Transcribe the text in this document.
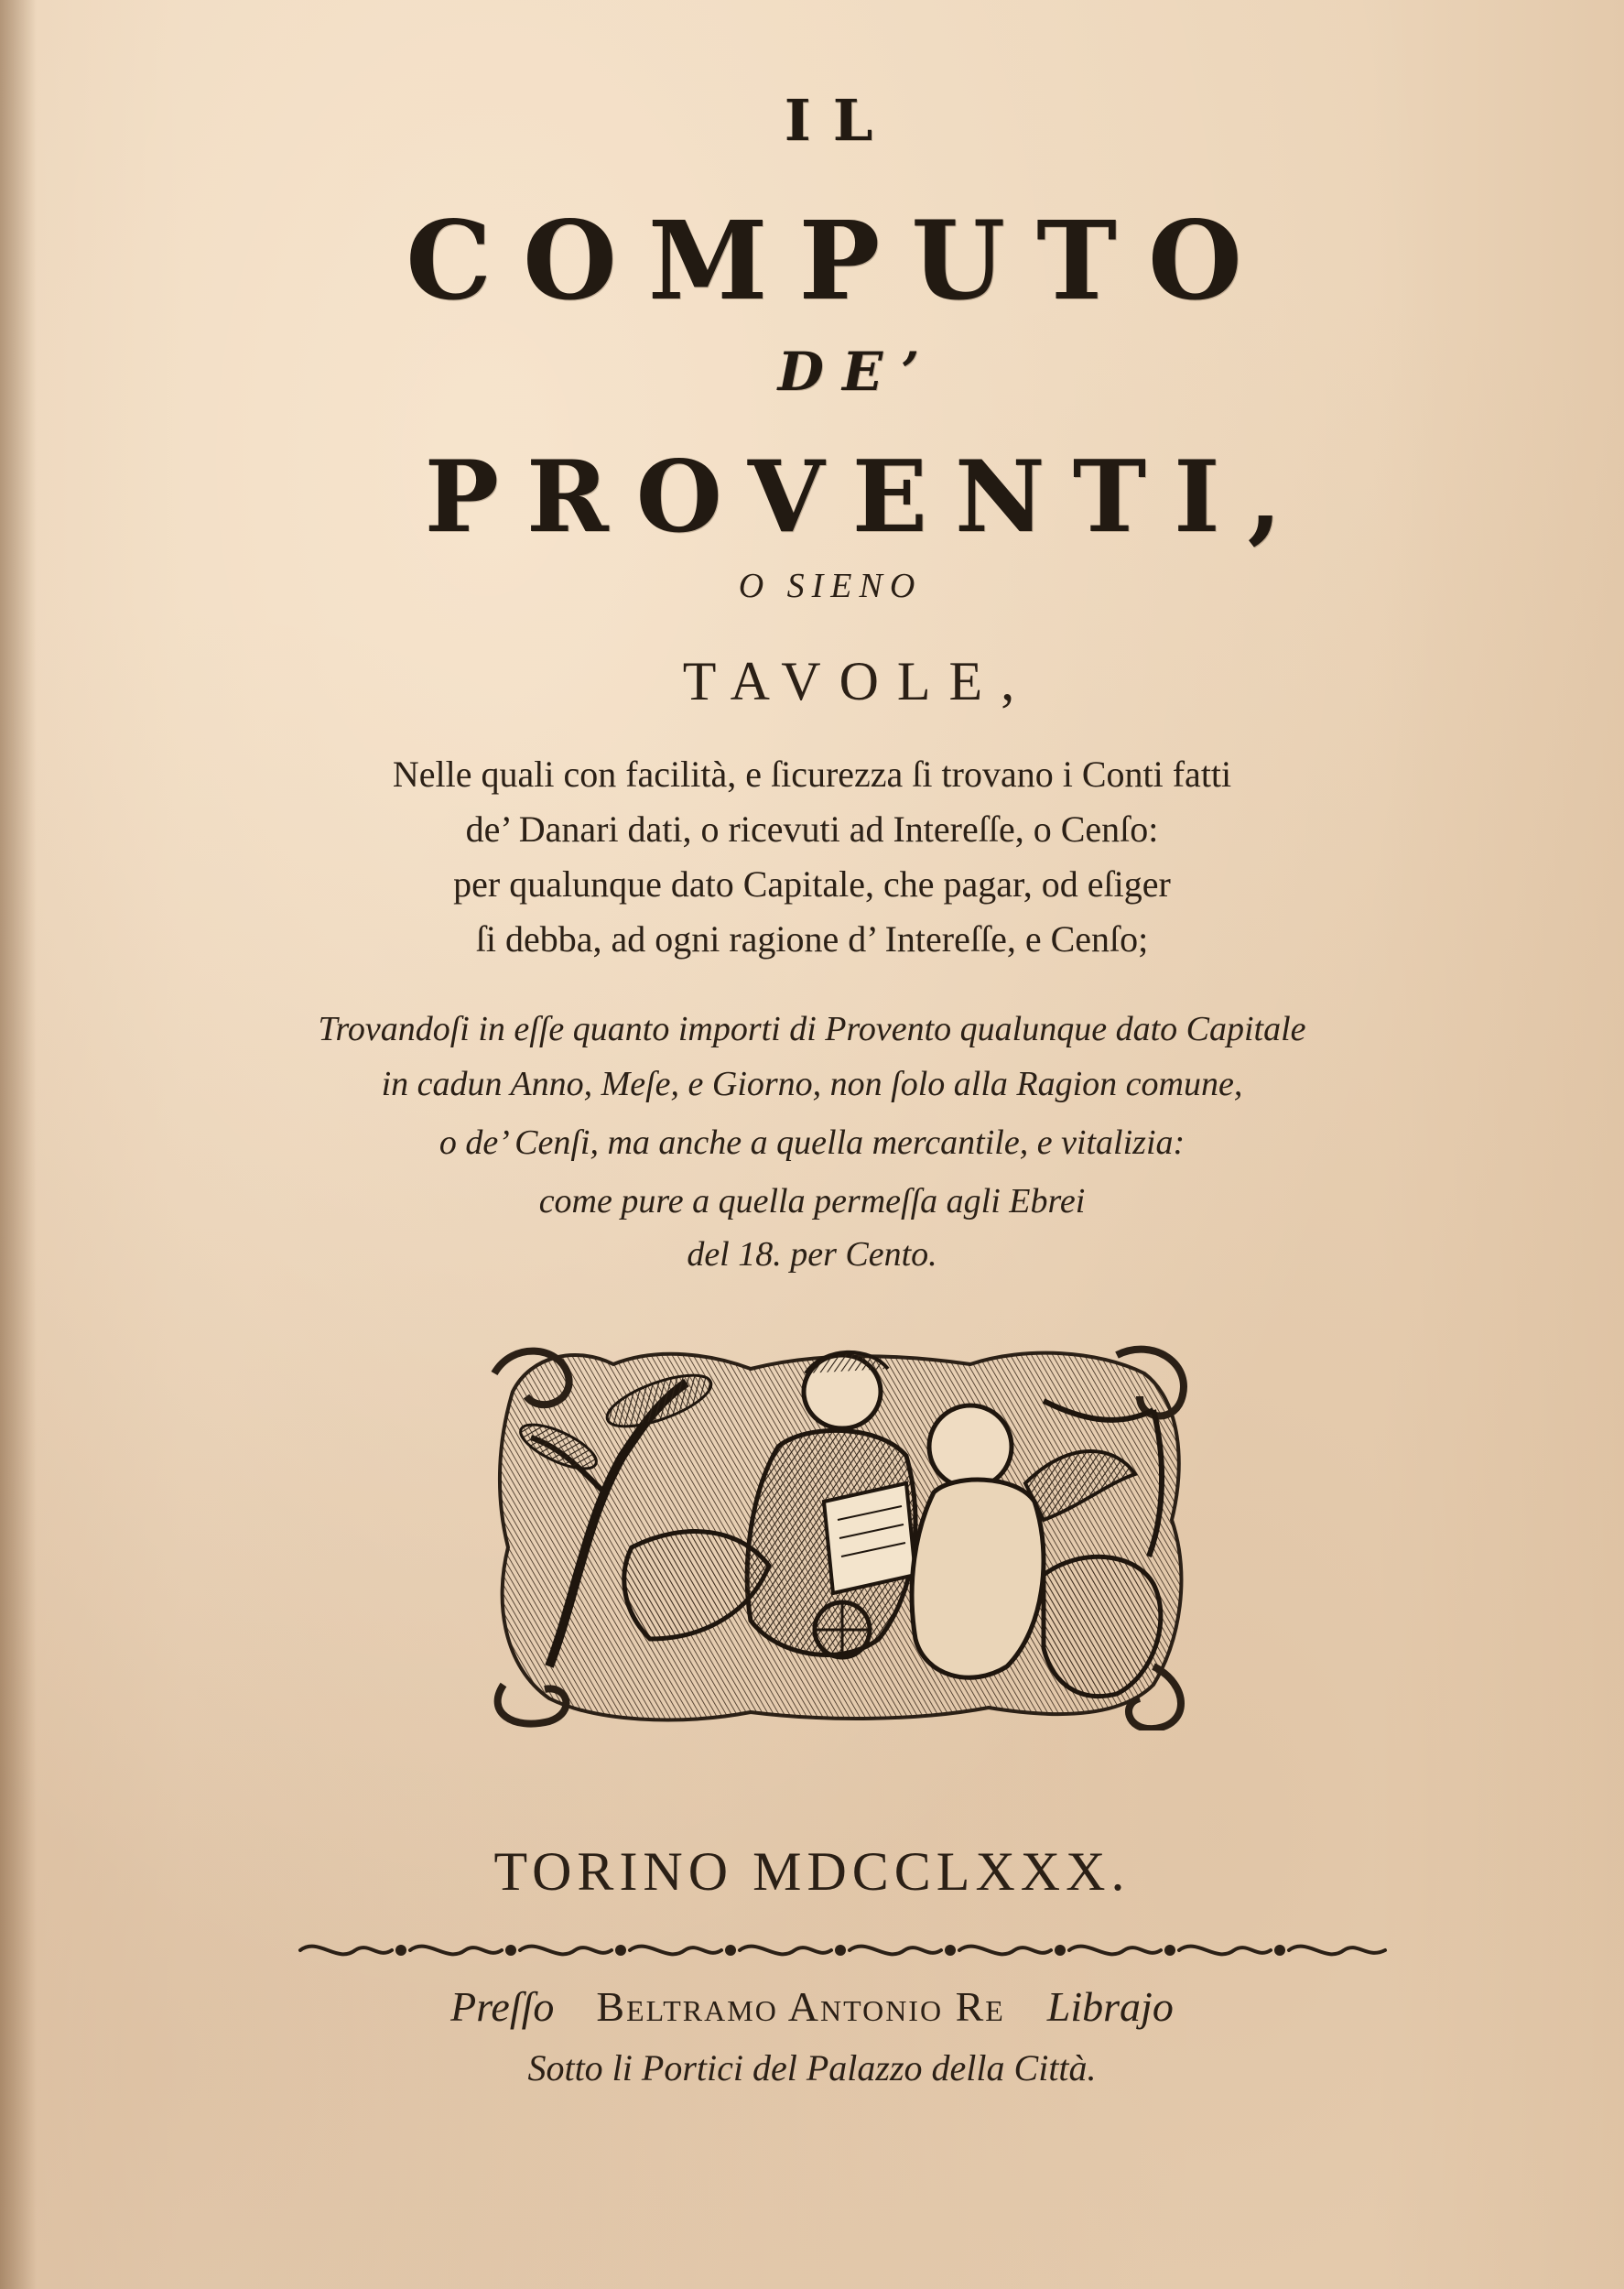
IL
COMPUTO
DE’
PROVENTI,
O SIENO
TAVOLE,
Nelle quali con facilità, e ſicurezza ſi trovano i Conti fatti
de’ Danari dati, o ricevuti ad Intereſſe, o Cenſo:
per qualunque dato Capitale, che pagar, od eſiger
ſi debba, ad ogni ragione d’ Intereſſe, e Cenſo;
Trovandoſi in eſſe quanto importi di Provento qualunque dato Capitale
in cadun Anno, Meſe, e Giorno, non ſolo alla Ragion comune,
o de’ Cenſi, ma anche a quella mercantile, e vitalizia:
come pure a quella permeſſa agli Ebrei
del 18. per Cento.
TORINO MDCCLXXX.
Preſſo Beltramo Antonio Re Librajo
Sotto li Portici del Palazzo della Città.
